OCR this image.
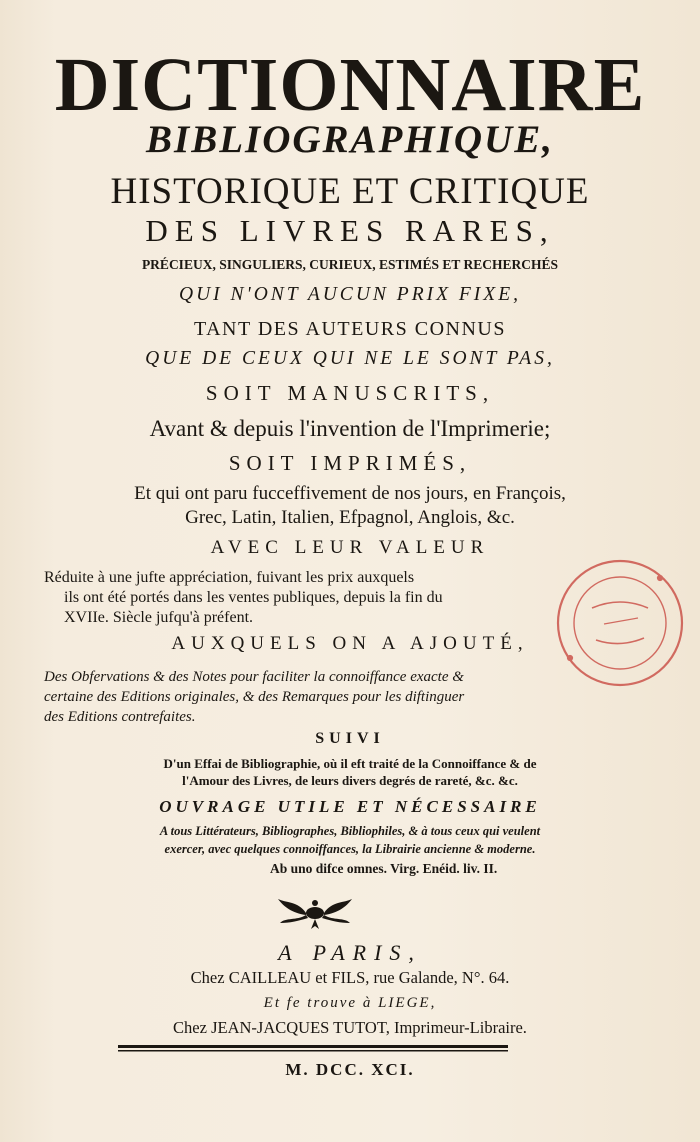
DICTIONNAIRE
BIBLIOGRAPHIQUE,
HISTORIQUE ET CRITIQUE
DES LIVRES RARES,
PRÉCIEUX, SINGULIERS, CURIEUX, ESTIMÉS ET RECHERCHÉS
QUI N'ONT AUCUN PRIX FIXE,
TANT DES AUTEURS CONNUS
QUE DE CEUX QUI NE LE SONT PAS,
SOIT MANUSCRITS,
Avant & depuis l'invention de l'Imprimerie;
SOIT IMPRIMÉS,
Et qui ont paru fucceffivement de nos jours, en François,
Grec, Latin, Italien, Efpagnol, Anglois, &c.
AVEC LEUR VALEUR
Réduite à une jufte appréciation, fuivant les prix auxquels
ils ont été portés dans les ventes publiques, depuis la fin du
XVIIe. Siècle jufqu'à préfent.
AUXQUELS ON A AJOUTÉ,
Des Obfervations & des Notes pour faciliter la connoiffance exacte &
certaine des Editions originales, & des Remarques pour les diftinguer
des Editions contrefaites.
SUIVI
D'un Effai de Bibliographie, où il eft traité de la Connoiffance & de
l'Amour des Livres, de leurs divers degrés de rareté, &c. &c.
OUVRAGE UTILE ET NÉCESSAIRE
A tous Littérateurs, Bibliographes, Bibliophiles, & à tous ceux qui veulent
exercer, avec quelques connoiffances, la Librairie ancienne & moderne.
Ab uno difce omnes. Virg. Enéid. liv. II.
A PARIS,
Chez CAILLEAU et FILS, rue Galande, N°. 64.
Et fe trouve à LIEGE,
Chez JEAN-JACQUES TUTOT, Imprimeur-Libraire.
M. DCC. XCI.
